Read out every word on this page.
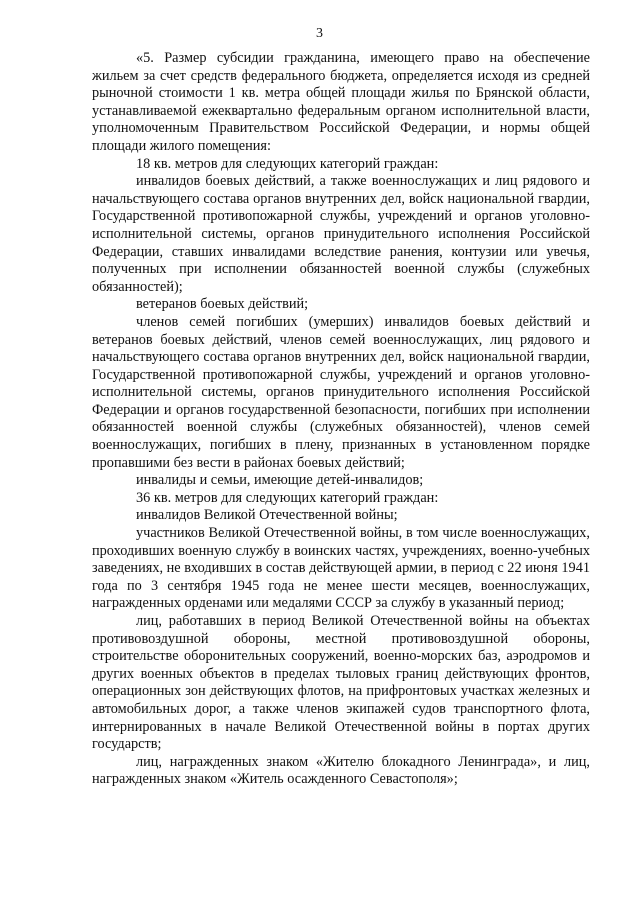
3

«5. Размер субсидии гражданина, имеющего право на обеспечение жильем за счет средств федерального бюджета, определяется исходя из средней рыночной стоимости 1 кв. метра общей площади жилья по Брянской области, устанавливаемой ежеквартально федеральным органом исполнительной власти, уполномоченным Правительством Российской Федерации, и нормы общей площади жилого помещения:

18 кв. метров для следующих категорий граждан:

инвалидов боевых действий, а также военнослужащих и лиц рядового и начальствующего состава органов внутренних дел, войск национальной гвардии, Государственной противопожарной службы, учреждений и органов уголовно-исполнительной системы, органов принудительного исполнения Российской Федерации, ставших инвалидами вследствие ранения, контузии или увечья, полученных при исполнении обязанностей военной службы (служебных обязанностей);

ветеранов боевых действий;

членов семей погибших (умерших) инвалидов боевых действий и ветеранов боевых действий, членов семей военнослужащих, лиц рядового и начальствующего состава органов внутренних дел, войск национальной гвардии, Государственной противопожарной службы, учреждений и органов уголовно-исполнительной системы, органов принудительного исполнения Российской Федерации и органов государственной безопасности, погибших при исполнении обязанностей военной службы (служебных обязанностей), членов семей военнослужащих, погибших в плену, признанных в установленном порядке пропавшими без вести в районах боевых действий;

инвалиды и семьи, имеющие детей-инвалидов;

36 кв. метров для следующих категорий граждан:

инвалидов Великой Отечественной войны;

участников Великой Отечественной войны, в том числе военнослужащих, проходивших военную службу в воинских частях, учреждениях, военно-учебных заведениях, не входивших в состав действующей армии, в период с 22 июня 1941 года по 3 сентября 1945 года не менее шести месяцев, военнослужащих, награжденных орденами или медалями СССР за службу в указанный период;

лиц, работавших в период Великой Отечественной войны на объектах противовоздушной обороны, местной противовоздушной обороны, строительстве оборонительных сооружений, военно-морских баз, аэродромов и других военных объектов в пределах тыловых границ действующих фронтов, операционных зон действующих флотов, на прифронтовых участках железных и автомобильных дорог, а также членов экипажей судов транспортного флота, интернированных в начале Великой Отечественной войны в портах других государств;

лиц, награжденных знаком «Жителю блокадного Ленинграда», и лиц, награжденных знаком «Житель осажденного Севастополя»;
